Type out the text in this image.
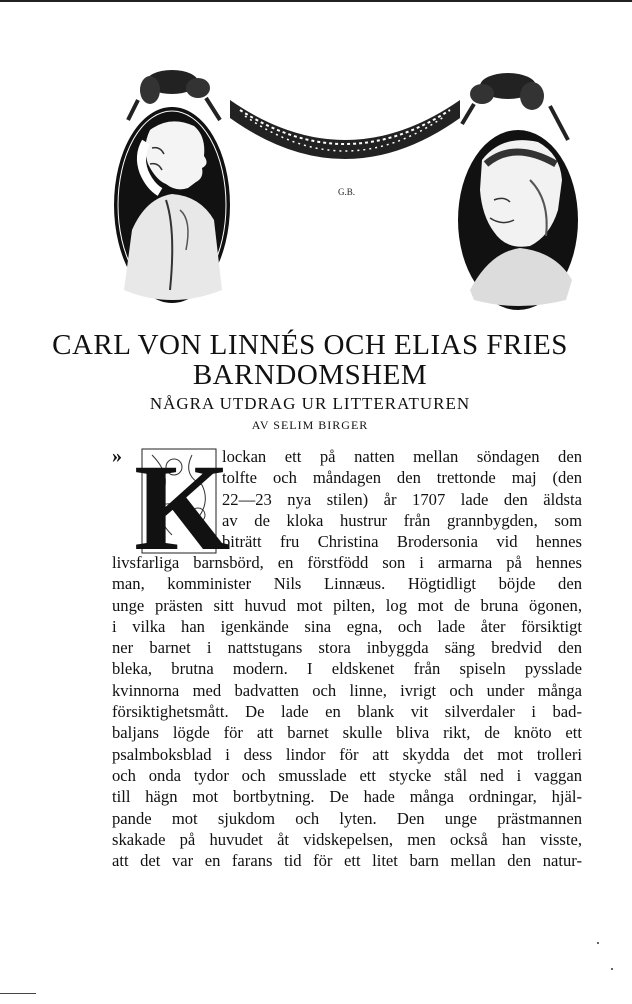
G.B.
CARL VON LINNÉS OCH ELIAS FRIES
BARNDOMSHEM
NÅGRA UTDRAG UR LITTERATUREN
AV SELIM BIRGER
» K
lockan ett på natten mellan söndagen den
tolfte och måndagen den trettonde maj (den
22—23 nya stilen) år 1707 lade den äldsta
av de kloka hustrur från grannbygden, som
biträtt fru Christina Brodersonia vid hennes
livsfarliga barnsbörd, en förstfödd son i armarna på hennes
man, komminister Nils Linnæus. Högtidligt böjde den
unge prästen sitt huvud mot pilten, log mot de bruna ögonen,
i vilka han igenkände sina egna, och lade åter försiktigt
ner barnet i nattstugans stora inbyggda säng bredvid den
bleka, brutna modern. I eldskenet från spiseln pysslade
kvinnorna med badvatten och linne, ivrigt och under många
försiktighetsmått. De lade en blank vit silverdaler i bad-
baljans lögde för att barnet skulle bliva rikt, de knöto ett
psalmboksblad i dess lindor för att skydda det mot trolleri
och onda tydor och smusslade ett stycke stål ned i vaggan
till hägn mot bortbytning. De hade många ordningar, hjäl-
pande mot sjukdom och lyten. Den unge prästmannen
skakade på huvudet åt vidskepelsen, men också han visste,
att det var en farans tid för ett litet barn mellan den natur-
